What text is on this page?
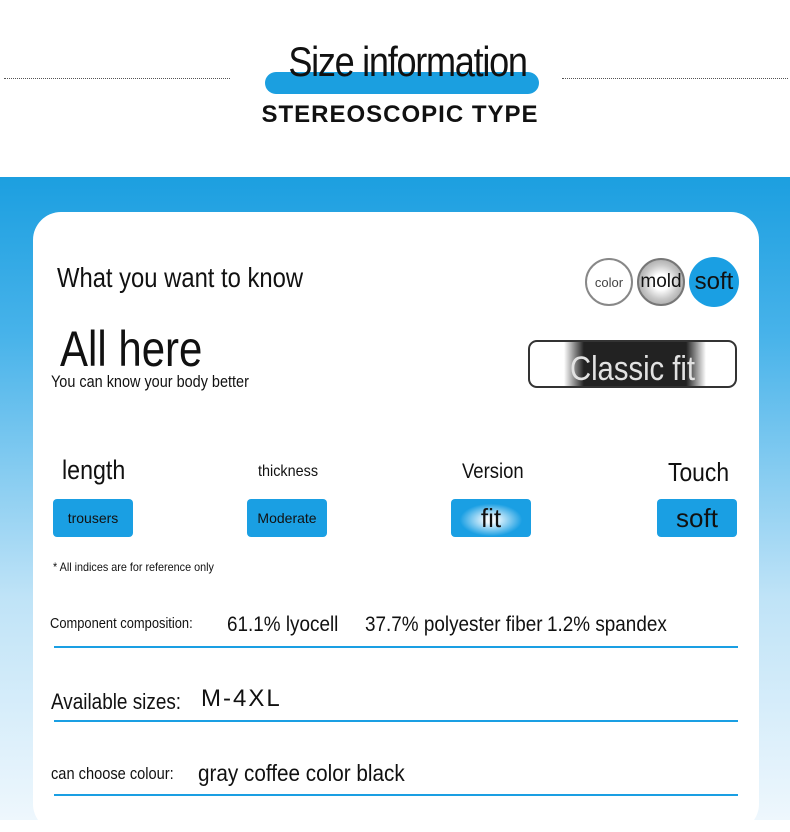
Size information
STEREOSCOPIC TYPE
What you want to know
All here
You can know your body better
color mold soft
Classic fit
length	thickness	Version	Touch
trousers	Moderate	fit	soft
* All indices are for reference only
Component composition: 61.1% lyocell 37.7% polyester fiber 1.2% spandex
Available sizes: M-4XL
can choose colour: gray coffee color black
